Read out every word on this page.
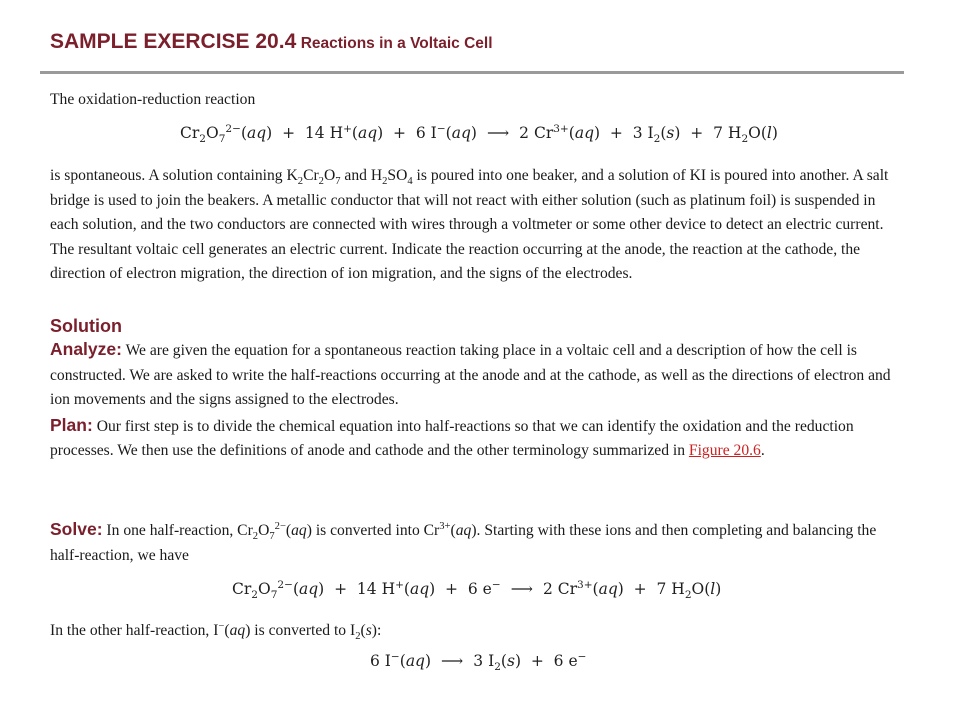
SAMPLE EXERCISE 20.4 Reactions in a Voltaic Cell
The oxidation-reduction reaction
$Cr_2O_7^{2-}(aq) + 14$ H+(aq)  +  6 I−(aq) ⟶ 2 $Cr^{3+}(aq) + 3$ $I_2(s) + 7$ $H_2O(l)$
is spontaneous. A solution containing $K_2Cr_2O_7$ and $H_2SO_4$ is poured into one beaker, and a solution of KI is poured into another. A salt bridge is used to join the beakers. A metallic conductor that will not react with either solution (such as platinum foil) is suspended in each solution, and the two conductors are connected with wires through a voltmeter or some other device to detect an electric current. The resultant voltaic cell generates an electric current. Indicate the reaction occurring at the anode, the reaction at the cathode, the direction of electron migration, the direction of ion migration, and the signs of the electrodes.
Solution
Analyze: We are given the equation for a spontaneous reaction taking place in a voltaic cell and a description of how the cell is constructed. We are asked to write the half-reactions occurring at the anode and at the cathode, as well as the directions of electron and ion movements and the signs assigned to the electrodes.
Plan: Our first step is to divide the chemical equation into half-reactions so that we can identify the oxidation and the reduction processes. We then use the definitions of anode and cathode and the other terminology summarized in Figure 20.6.
Solve: In one half-reaction, $Cr_2O_7^{2-}(aq)$ is converted into $Cr^{3+}(aq)$. Starting with these ions and then completing and balancing the half-reaction, we have
$Cr_2O_7^{2-}(aq) + 14$ H+(aq)  +  6 e− ⟶ 2 $Cr^{3+}(aq) + 7$ $H_2O(l)$
In the other half-reaction, I−(aq) is converted to $I_2(s)$:
6 I−(aq) ⟶ 3 $I_2(s) + 6$ e−
